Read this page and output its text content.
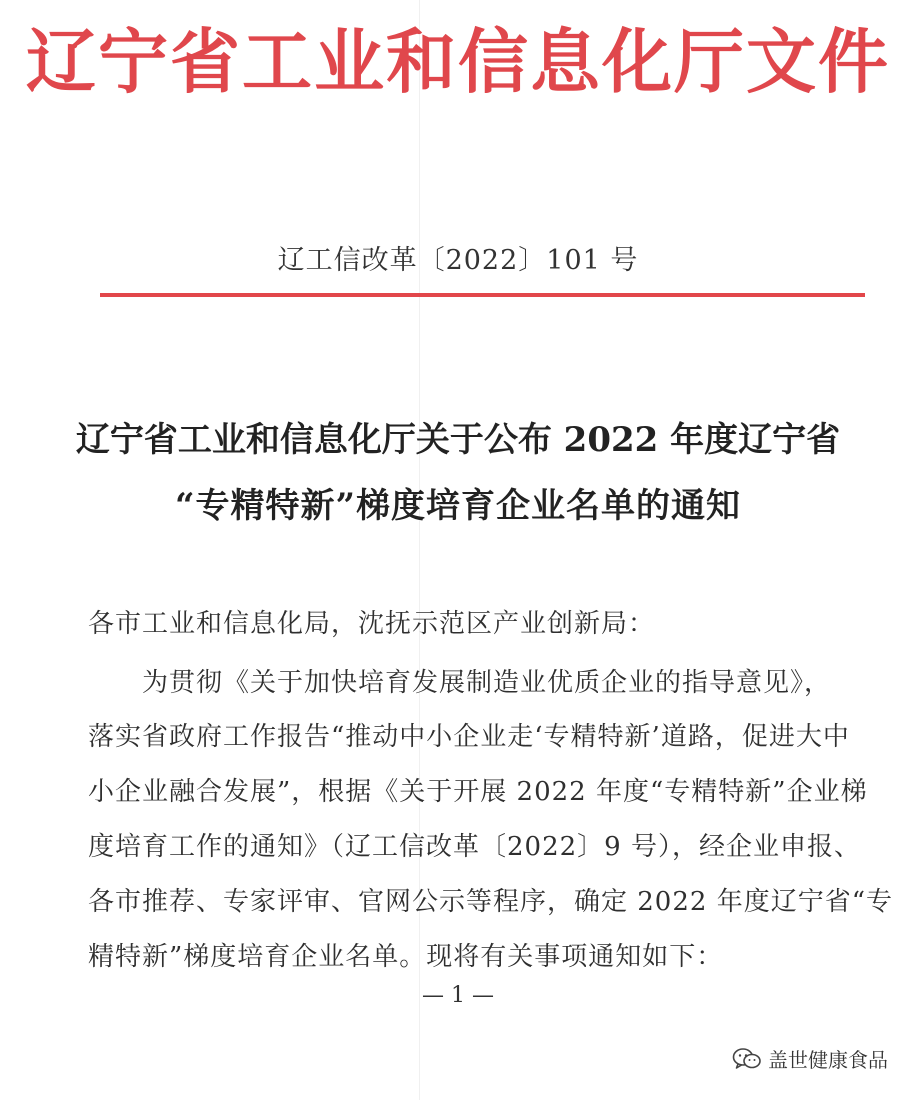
辽宁省工业和信息化厅文件
辽工信改革〔2022〕101 号
辽宁省工业和信息化厅关于公布 2022 年度辽宁省
“专精特新”梯度培育企业名单的通知
各市工业和信息化局，沈抚示范区产业创新局：
为贯彻《关于加快培育发展制造业优质企业的指导意见》，
落实省政府工作报告“推动中小企业走‘专精特新’道路，促进大中
小企业融合发展”，根据《关于开展 2022 年度“专精特新”企业梯
度培育工作的通知》（辽工信改革〔2022〕9 号），经企业申报、
各市推荐、专家评审、官网公示等程序，确定 2022 年度辽宁省“专
精特新”梯度培育企业名单。现将有关事项通知如下：
— 1 —
盖世健康食品
